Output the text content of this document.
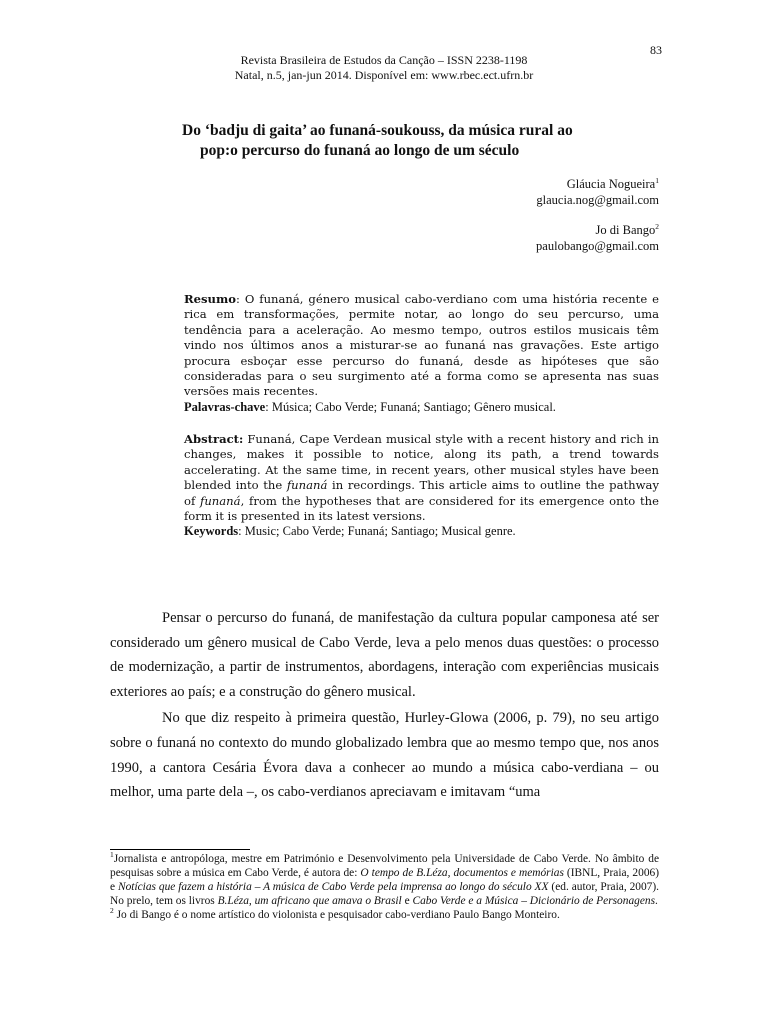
83
Revista Brasileira de Estudos da Canção – ISSN 2238-1198
Natal, n.5, jan-jun 2014. Disponível em: www.rbec.ect.ufrn.br
Do ‘badju di gaita’ ao funaná-soukouss, da música rural ao
pop:o percurso do funaná ao longo de um século
Gláucia Nogueira$^1$
glaucia.nog@gmail.com
Jo di Bango$^2$
paulobango@gmail.com

Resumo: O funaná, género musical cabo-verdiano com uma história recente e rica em transformações, permite notar, ao longo do seu percurso, uma tendência para a aceleração. Ao mesmo tempo, outros estilos musicais têm vindo nos últimos anos a misturar-se ao funaná nas gravações. Este artigo procura esboçar esse percurso do funaná, desde as hipóteses que são consideradas para o seu surgimento até a forma como se apresenta nas suas versões mais recentes.

Palavras-chave: Música; Cabo Verde; Funaná; Santiago; Gênero musical.

Abstract: Funaná, Cape Verdean musical style with a recent history and rich in changes, makes it possible to notice, along its path, a trend towards accelerating. At the same time, in recent years, other musical styles have been blended into the funaná in recordings. This article aims to outline the pathway of funaná, from the hypotheses that are considered for its emergence onto the form it is presented in its latest versions.

Keywords: Music; Cabo Verde; Funaná; Santiago; Musical genre.

Pensar o percurso do funaná, de manifestação da cultura popular camponesa até ser considerado um gênero musical de Cabo Verde, leva a pelo menos duas questões: o processo de modernização, a partir de instrumentos, abordagens, interação com experiências musicais exteriores ao país; e a construção do gênero musical.

No que diz respeito à primeira questão, Hurley-Glowa (2006, p. 79), no seu artigo sobre o funaná no contexto do mundo globalizado lembra que ao mesmo tempo que, nos anos 1990, a cantora Cesária Évora dava a conhecer ao mundo a música cabo-verdiana – ou melhor, uma parte dela –, os cabo-verdianos apreciavam e imitavam “uma

$^1$Jornalista e antropóloga, mestre em Património e Desenvolvimento pela Universidade de Cabo Verde. No âmbito de pesquisas sobre a música em Cabo Verde, é autora de: O tempo de B.Léza, documentos e memórias (IBNL, Praia, 2006) e Notícias que fazem a história – A música de Cabo Verde pela imprensa ao longo do século XX (ed. autor, Praia, 2007). No prelo, tem os livros B.Léza, um africano que amava o Brasil e Cabo Verde e a Música – Dicionário de Personagens.

$^2$ Jo di Bango é o nome artístico do violonista e pesquisador cabo-verdiano Paulo Bango Monteiro.
